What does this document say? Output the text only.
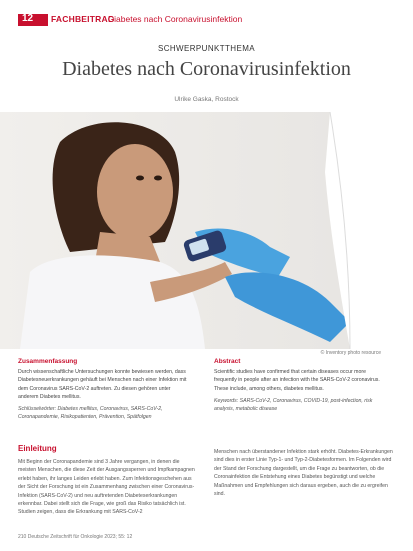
12 FACHBEITRAG
Diabetes nach Coronavirusinfektion
SCHWERPUNKTTHEMA
Diabetes nach Coronavirusinfektion
Ulrike Gaska, Rostock
© Inventory photo resource
Zusammenfassung

Durch wissenschaftliche Untersuchungen konnte bewiesen werden, dass Diabetesneuerkrankungen gehäuft bei Menschen nach einer Infektion mit dem Coronavirus SARS-CoV-2 auftreten. Zu diesen gehören unter anderem Diabetes mellitus.

Schlüsselwörter: Diabetes mellitus, Coronavirus, SARS-CoV-2, Coronapandemie, Risikopatienten, Prävention, Spätfolgen

Abstract

Scientific studies have confirmed that certain diseases occur more frequently in people after an infection with the SARS-CoV-2 coronavirus. These include, among others, diabetes mellitus.

Keywords: SARS-CoV-2, Coronavirus, COVID-19, post-infection, risk analysis, metabolic disease

Einleitung
Mit Beginn der Coronapandemie sind 3 Jahre vergangen, in denen die meisten Menschen, die diese Zeit der Ausgangssperren und Impfkampagnen erlebt haben, ihr langes Leiden erlebt haben. Zum Infektionsgeschehen aus der Sicht der Forschung ist ein Zusammenhang zwischen einer Coronavirus-Infektion (SARS-CoV-2) und neu auftretenden Diabeteserkrankungen erkennbar. Dabei stellt sich die Frage, wie groß das Risiko tatsächlich ist. Studien zeigen, dass die Erkrankung mit SARS-CoV-2
Menschen nach überstandener Infektion stark erhöht. Diabetes-Erkrankungen sind dies in erster Linie Typ-1- und Typ-2-Diabetesformen. Im Folgenden wird der Stand der Forschung dargestellt, um die Frage zu beantworten, ob die Coronainfektion die Entstehung eines Diabetes begünstigt und welche Maßnahmen und Empfehlungen sich daraus ergeben, auch die zu ergreifen sind.
210 Deutsche Zeitschrift für Onkologie 2023; 55: 12
